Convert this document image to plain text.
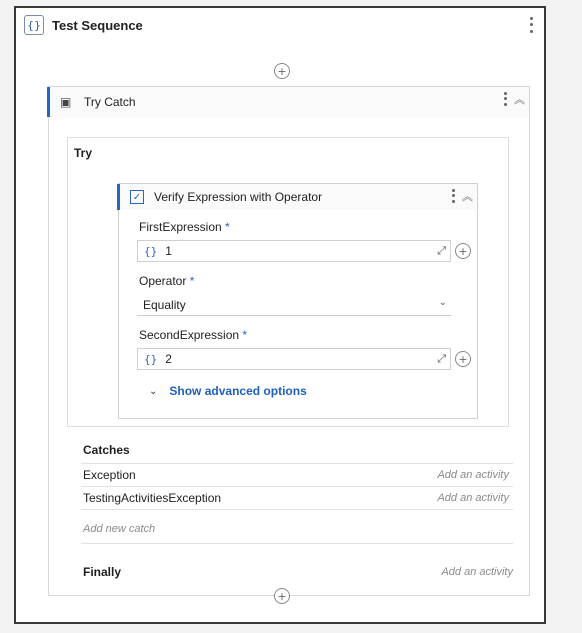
{} Test Sequence
+
▣	Try Catch	︽
Try
✓ Verify Expression with Operator	︽
FirstExpression *
{} 1	⤢	+
Operator *
Equality	⌄
SecondExpression *
{} 2	⤢	+
⌄ Show advanced options
Catches
Exception	Add an activity
TestingActivitiesException	Add an activity
Add new catch
Finally	Add an activity
+
